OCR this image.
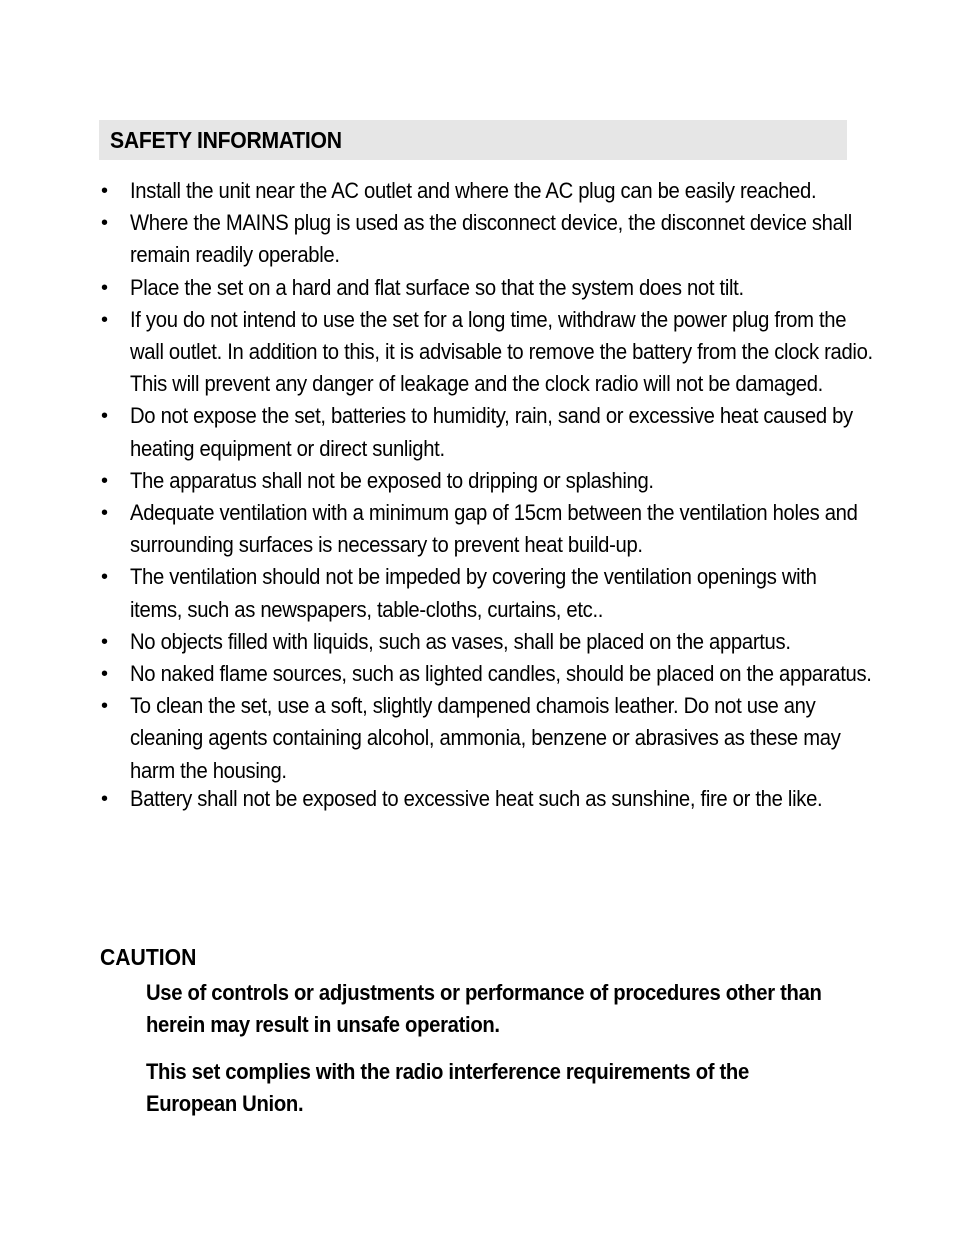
SAFETY INFORMATION
• Install the unit near the AC outlet and where the AC plug can be easily reached.
• Where the MAINS plug is used as the disconnect device, the disconnet device shall remain readily operable.
• Place the set on a hard and flat surface so that the system does not tilt.
• If you do not intend to use the set for a long time, withdraw the power plug from the wall outlet. In addition to this, it is advisable to remove the battery from the clock radio. This will prevent any danger of leakage and the clock radio will not be damaged.
• Do not expose the set, batteries to humidity, rain, sand or excessive heat caused by heating equipment or direct sunlight.
• The apparatus shall not be exposed to dripping or splashing.
• Adequate ventilation with a minimum gap of 15cm between the ventilation holes and surrounding surfaces is necessary to prevent heat build-up.
• The ventilation should not be impeded by covering the ventilation openings with items, such as newspapers, table-cloths, curtains, etc..
• No objects filled with liquids, such as vases, shall be placed on the appartus.
• No naked flame sources, such as lighted candles, should be placed on the apparatus.
• To clean the set, use a soft, slightly dampened chamois leather. Do not use any cleaning agents containing alcohol, ammonia, benzene or abrasives as these may harm the housing.
• Battery shall not be exposed to excessive heat such as sunshine, fire or the like.
CAUTION

Use of controls or adjustments or performance of procedures other than herein may result in unsafe operation.

This set complies with the radio interference requirements of the European Union.
